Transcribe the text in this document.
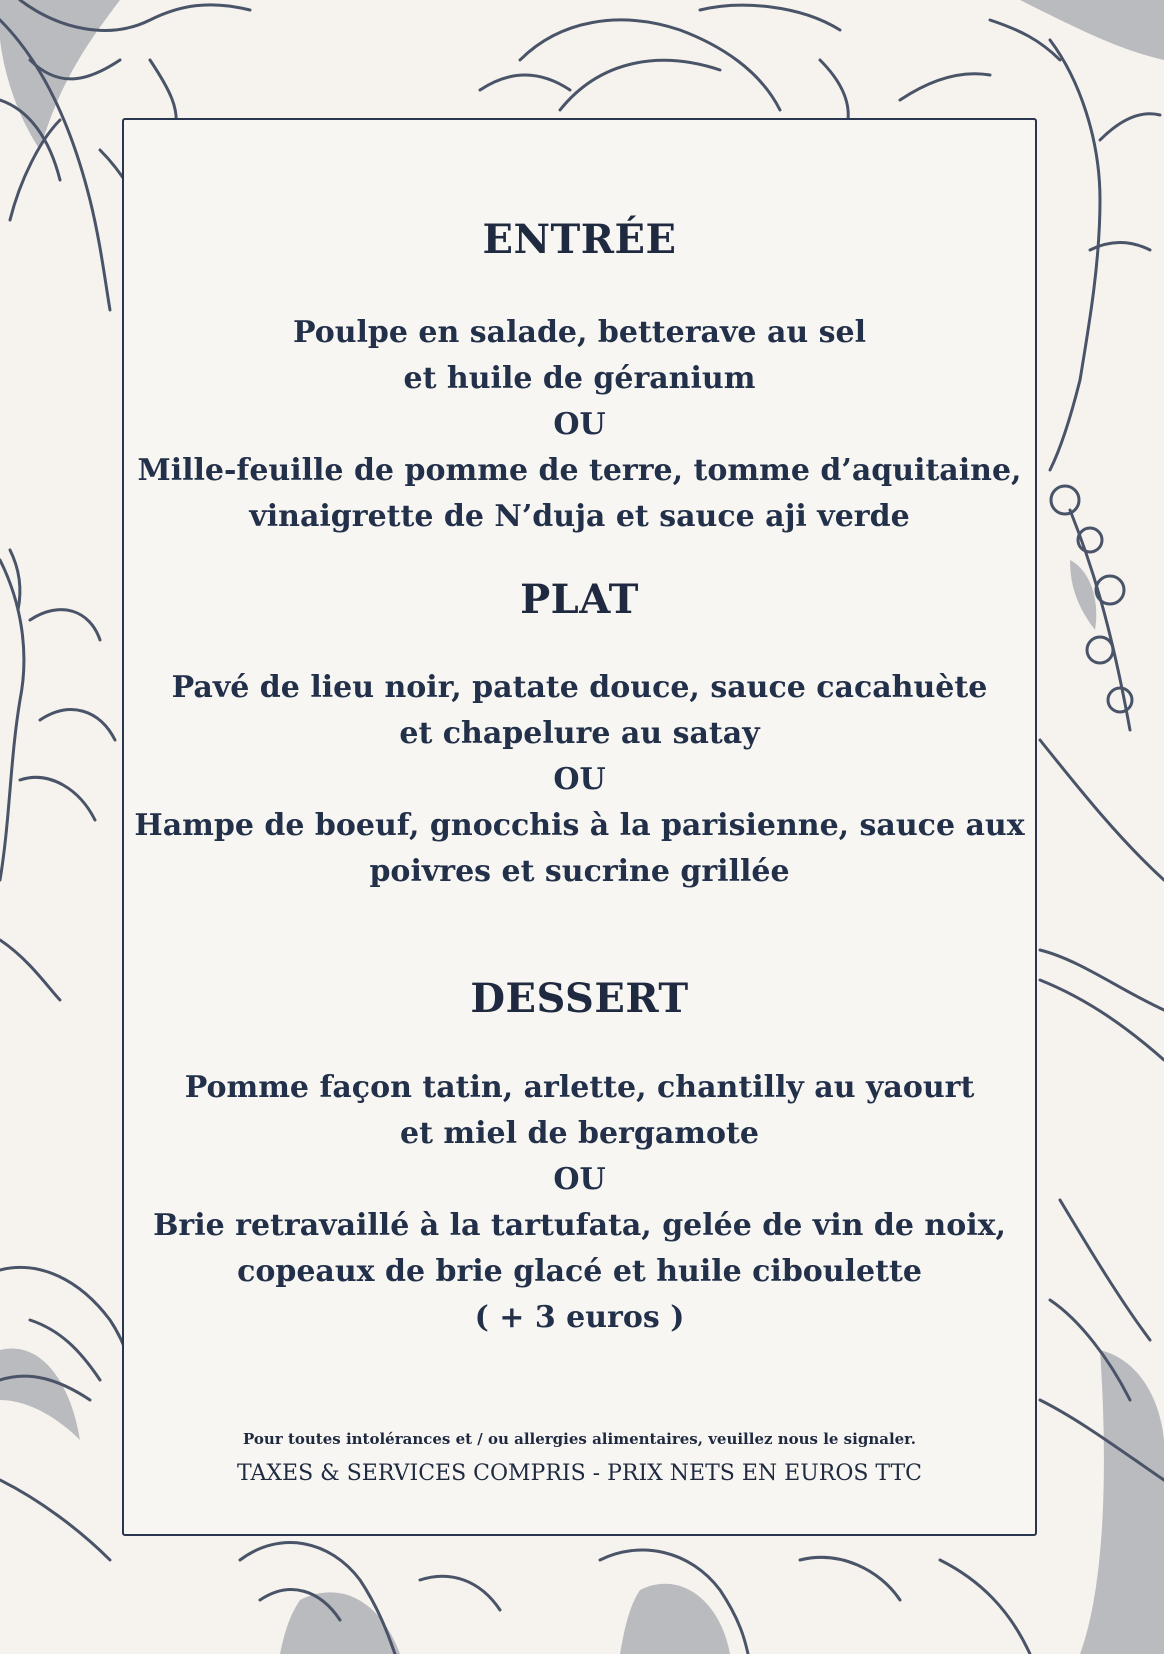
ENTRÉE
Poulpe en salade, betterave au sel
et huile de géranium
OU
Mille-feuille de pomme de terre, tomme d’aquitaine,
vinaigrette de N’duja et sauce aji verde
PLAT
Pavé de lieu noir, patate douce, sauce cacahuète
et chapelure au satay
OU
Hampe de boeuf, gnocchis à la parisienne, sauce aux
poivres et sucrine grillée
DESSERT
Pomme façon tatin, arlette, chantilly au yaourt
et miel de bergamote
OU
Brie retravaillé à la tartufata, gelée de vin de noix,
copeaux de brie glacé et huile ciboulette
( + 3 euros )
Pour toutes intolérances et / ou allergies alimentaires, veuillez nous le signaler.
TAXES & SERVICES COMPRIS - PRIX NETS EN EUROS TTC
